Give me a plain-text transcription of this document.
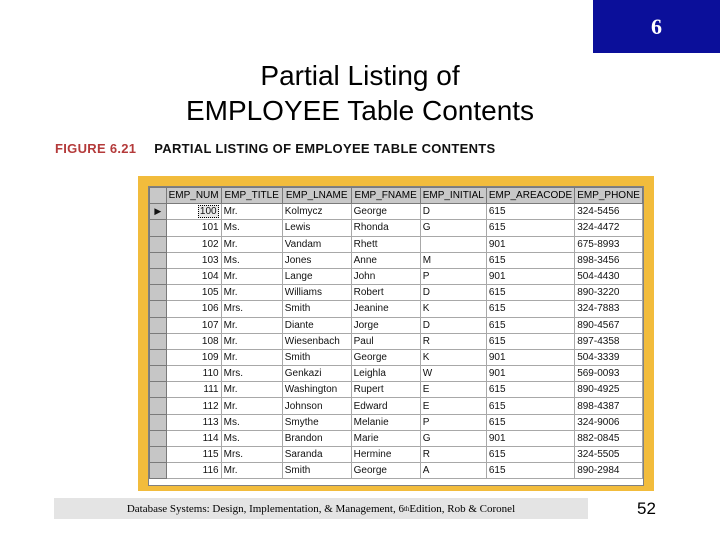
6
Partial Listing of
EMPLOYEE Table Contents
FIGURE 6.21 PARTIAL LISTING OF EMPLOYEE TABLE CONTENTS
	EMP_NUM	EMP_TITLE	EMP_LNAME	EMP_FNAME	EMP_INITIAL	EMP_AREACODE	EMP_PHONE
▶	100	Mr.	Kolmycz	George	D	615	324-5456
	101	Ms.	Lewis	Rhonda	G	615	324-4472
	102	Mr.	Vandam	Rhett		901	675-8993
	103	Ms.	Jones	Anne	M	615	898-3456
	104	Mr.	Lange	John	P	901	504-4430
	105	Mr.	Williams	Robert	D	615	890-3220
	106	Mrs.	Smith	Jeanine	K	615	324-7883
	107	Mr.	Diante	Jorge	D	615	890-4567
	108	Mr.	Wiesenbach	Paul	R	615	897-4358
	109	Mr.	Smith	George	K	901	504-3339
	110	Mrs.	Genkazi	Leighla	W	901	569-0093
	111	Mr.	Washington	Rupert	E	615	890-4925
	112	Mr.	Johnson	Edward	E	615	898-4387
	113	Ms.	Smythe	Melanie	P	615	324-9006
	114	Ms.	Brandon	Marie	G	901	882-0845
	115	Mrs.	Saranda	Hermine	R	615	324-5505
	116	Mr.	Smith	George	A	615	890-2984
Database Systems: Design, Implementation, & Management, 6 th Edition, Rob & Coronel	52
